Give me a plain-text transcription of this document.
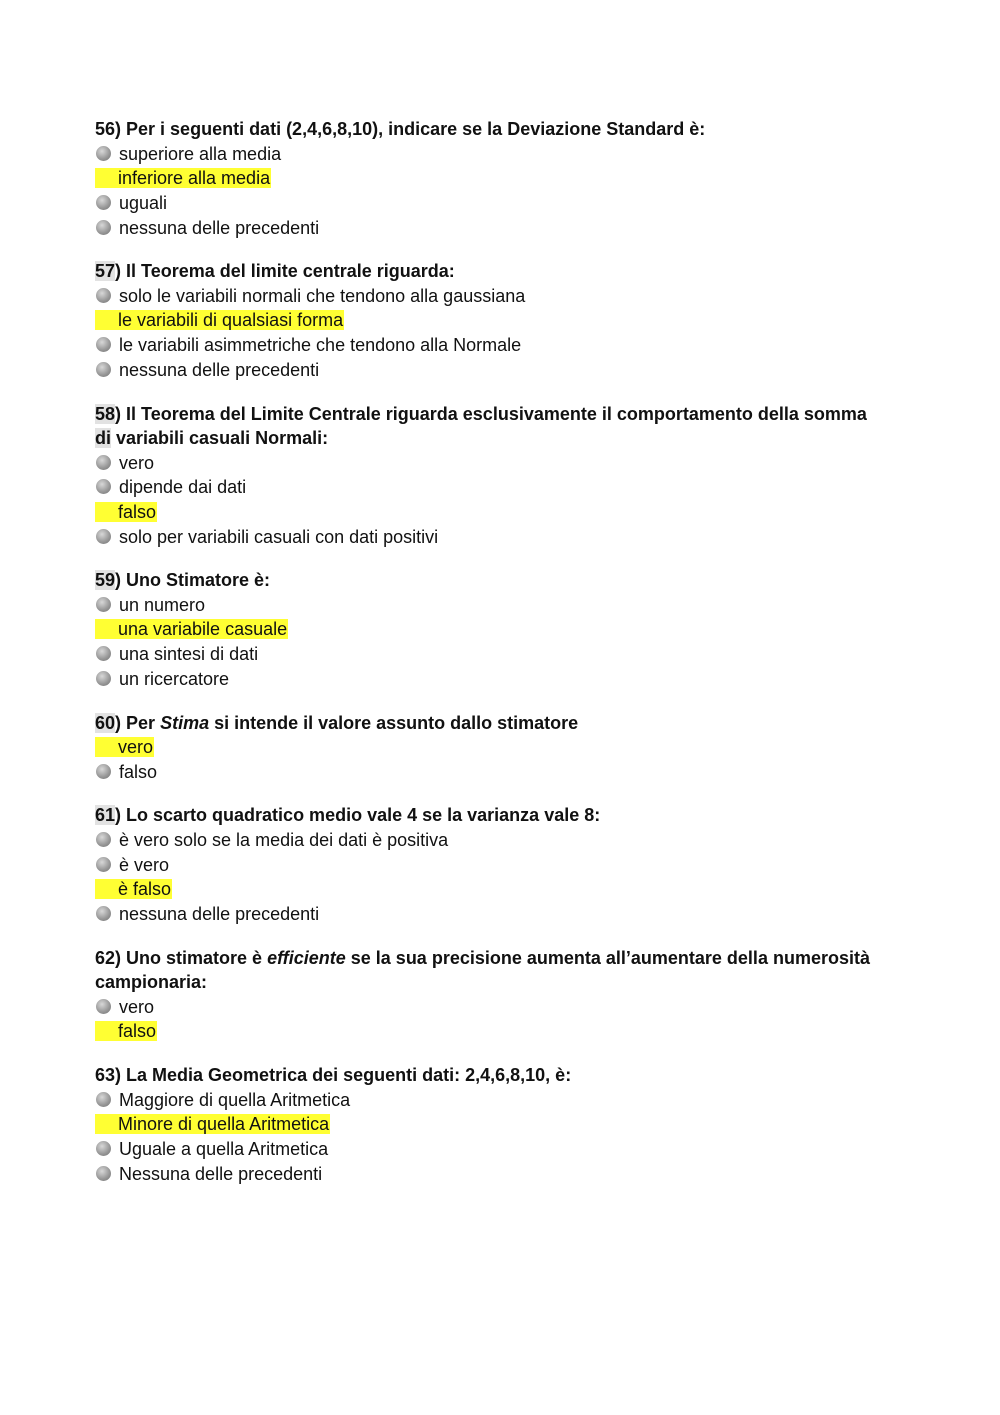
56) Per i seguenti dati (2,4,6,8,10), indicare se la Deviazione Standard è:
superiore alla media
inferiore alla media
uguali
nessuna delle precedenti
57) Il Teorema del limite centrale riguarda:
solo le variabili normali che tendono alla gaussiana
le variabili di qualsiasi forma
le variabili asimmetriche che tendono alla Normale
nessuna delle precedenti
58) Il Teorema del Limite Centrale riguarda esclusivamente il comportamento della somma
di variabili casuali Normali:
vero
dipende dai dati
falso
solo per variabili casuali con dati positivi
59) Uno Stimatore è:
un numero
una variabile casuale
una sintesi di dati
un ricercatore
60) Per Stima si intende il valore assunto dallo stimatore
vero
falso
61) Lo scarto quadratico medio vale 4 se la varianza vale 8:
è vero solo se la media dei dati è positiva
è vero
è falso
nessuna delle precedenti
62) Uno stimatore è efficiente se la sua precisione aumenta all’aumentare della numerosità campionaria:
vero
falso
63) La Media Geometrica dei seguenti dati: 2,4,6,8,10, è:
Maggiore di quella Aritmetica
Minore di quella Aritmetica
Uguale a quella Aritmetica
Nessuna delle precedenti
